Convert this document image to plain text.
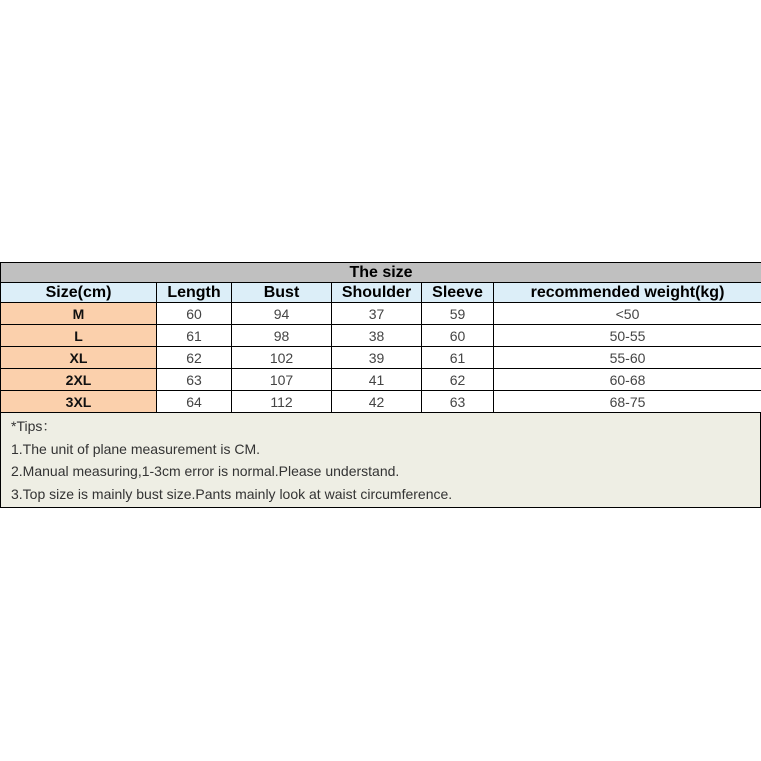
The size					
Size(cm)	Length	Bust	Shoulder	Sleeve	recommended weight(kg)
M	60	94	37	59	<50
L	61	98	38	60	50-55
XL	62	102	39	61	55-60
2XL	63	107	41	62	60-68
3XL	64	112	42	63	68-75
*Tips：
1.The unit of plane measurement is CM.
2.Manual measuring,1-3cm error is normal.Please understand.
3.Top size is mainly bust size.Pants mainly look at waist circumference.
